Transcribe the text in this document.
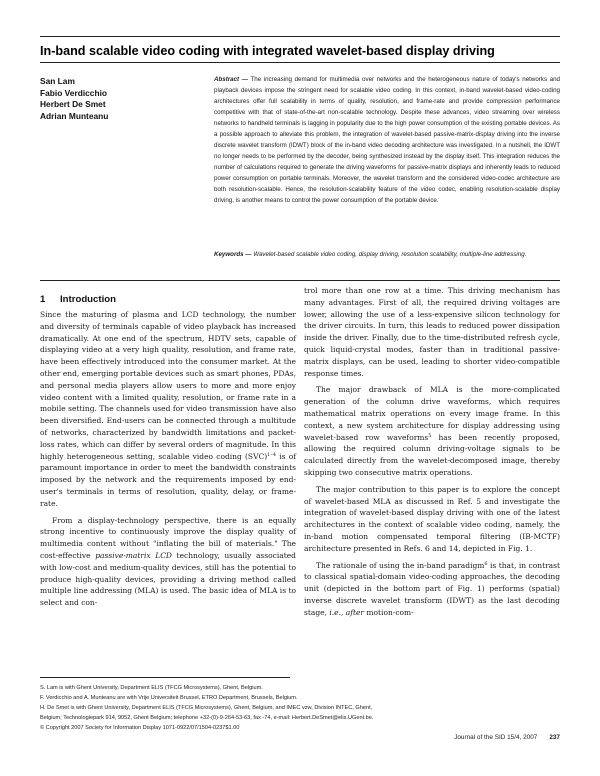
In-band scalable video coding with integrated wavelet-based display driving
San Lam
Fabio Verdicchio
Herbert De Smet
Adrian Munteanu
Abstract — The increasing demand for multimedia over networks and the heterogeneous nature of today's networks and playback devices impose the stringent need for scalable video coding. In this context, in-band wavelet-based video-coding architectures offer full scalability in terms of quality, resolution, and frame-rate and provide compression performance competitive with that of state-of-the-art non-scalable technology. Despite these advances, video streaming over wireless networks to handheld terminals is lagging in popularity due to the high power consumption of the existing portable devices. As a possible approach to alleviate this problem, the integration of wavelet-based passive-matrix-display driving into the inverse discrete wavelet transform (IDWT) block of the in-band video decoding architecture was investigated. In a nutshell, the IDWT no longer needs to be performed by the decoder, being synthesized instead by the display itself. This integration reduces the number of calculations required to generate the driving waveforms for passive-matrix displays and inherently leads to reduced power consumption on portable terminals. Moreover, the wavelet transform and the considered video-codec architecture are both resolution-scalable. Hence, the resolution-scalability feature of the video codec, enabling resolution-scalable display driving, is another means to control the power consumption of the portable device.
Keywords — Wavelet-based scalable video coding, display driving, resolution scalability, multiple-line addressing.
1 Introduction

Since the maturing of plasma and LCD technology, the number and diversity of terminals capable of video playback has increased dramatically. At one end of the spectrum, HDTV sets, capable of displaying video at a very high quality, resolution, and frame rate, have been effectively introduced into the consumer market. At the other end, emerging portable devices such as smart phones, PDAs, and personal media players allow users to more and more enjoy video content with a limited quality, resolution, or frame rate in a mobile setting. The channels used for video transmission have also been diversified. End-users can be connected through a multitude of networks, characterized by bandwidth limitations and packet-loss rates, which can differ by several orders of magnitude. In this highly heterogeneous setting, scalable video coding (SVC)$^{1-4}$ is of paramount importance in order to meet the bandwidth constraints imposed by the network and the requirements imposed by end-user's terminals in terms of resolution, quality, delay, or frame-rate.

From a display-technology perspective, there is an equally strong incentive to continuously improve the display quality of multimedia content without "inflating the bill of materials." The cost-effective passive-matrix LCD technology, usually associated with low-cost and medium-quality devices, still has the potential to produce high-quality devices, providing a driving method called multiple line addressing (MLA) is used. The basic idea of MLA is to select and con-

trol more than one row at a time. This driving mechanism has many advantages. First of all, the required driving voltages are lower, allowing the use of a less-expensive silicon technology for the driver circuits. In turn, this leads to reduced power dissipation inside the driver. Finally, due to the time-distributed refresh cycle, quick liquid-crystal modes, faster than in traditional passive-matrix displays, can be used, leading to shorter video-compatible response times.

The major drawback of MLA is the more-complicated generation of the column drive waveforms, which requires mathematical matrix operations on every image frame. In this context, a new system architecture for display addressing using wavelet-based row waveforms$^5$ has been recently proposed, allowing the required column driving-voltage signals to be calculated directly from the wavelet-decomposed image, thereby skipping two consecutive matrix operations.

The major contribution to this paper is to explore the concept of wavelet-based MLA as discussed in Ref. 5 and investigate the integration of wavelet-based display driving with one of the latest architectures in the context of scalable video coding, namely, the in-band motion compensated temporal filtering (IB-MCTF) architecture presented in Refs. 6 and 14, depicted in Fig. 1.

The rationale of using the in-band paradigm$^6$ is that, in contrast to classical spatial-domain video-coding approaches, the decoding unit (depicted in the bottom part of Fig. 1) performs (spatial) inverse discrete wavelet transform (IDWT) as the last decoding stage, i.e., after motion-com-

S. Lam is with Ghent University, Department ELIS (TFCG Microsystems), Ghent, Belgium.
F. Verdicchio and A. Munteanu are with Vrije Universiteit Brussel, ETRO Department, Brussels, Belgium.
H. De Smet is with Ghent University, Department ELIS (TFCG Microsystems), Ghent, Belgium, and IMEC vzw, Division INTEC, Ghent,
Belgium; Technologiepark 914, 9052, Ghent Belgium; telephone +32-(0)-9-264-53-63, fax -74, e-mail: Herbert.DeSmet@elis.UGent.be.
© Copyright 2007 Society for Information Display 1071-0922/07/1504-0237$1.00
Journal of the SID 15/4, 2007 237
